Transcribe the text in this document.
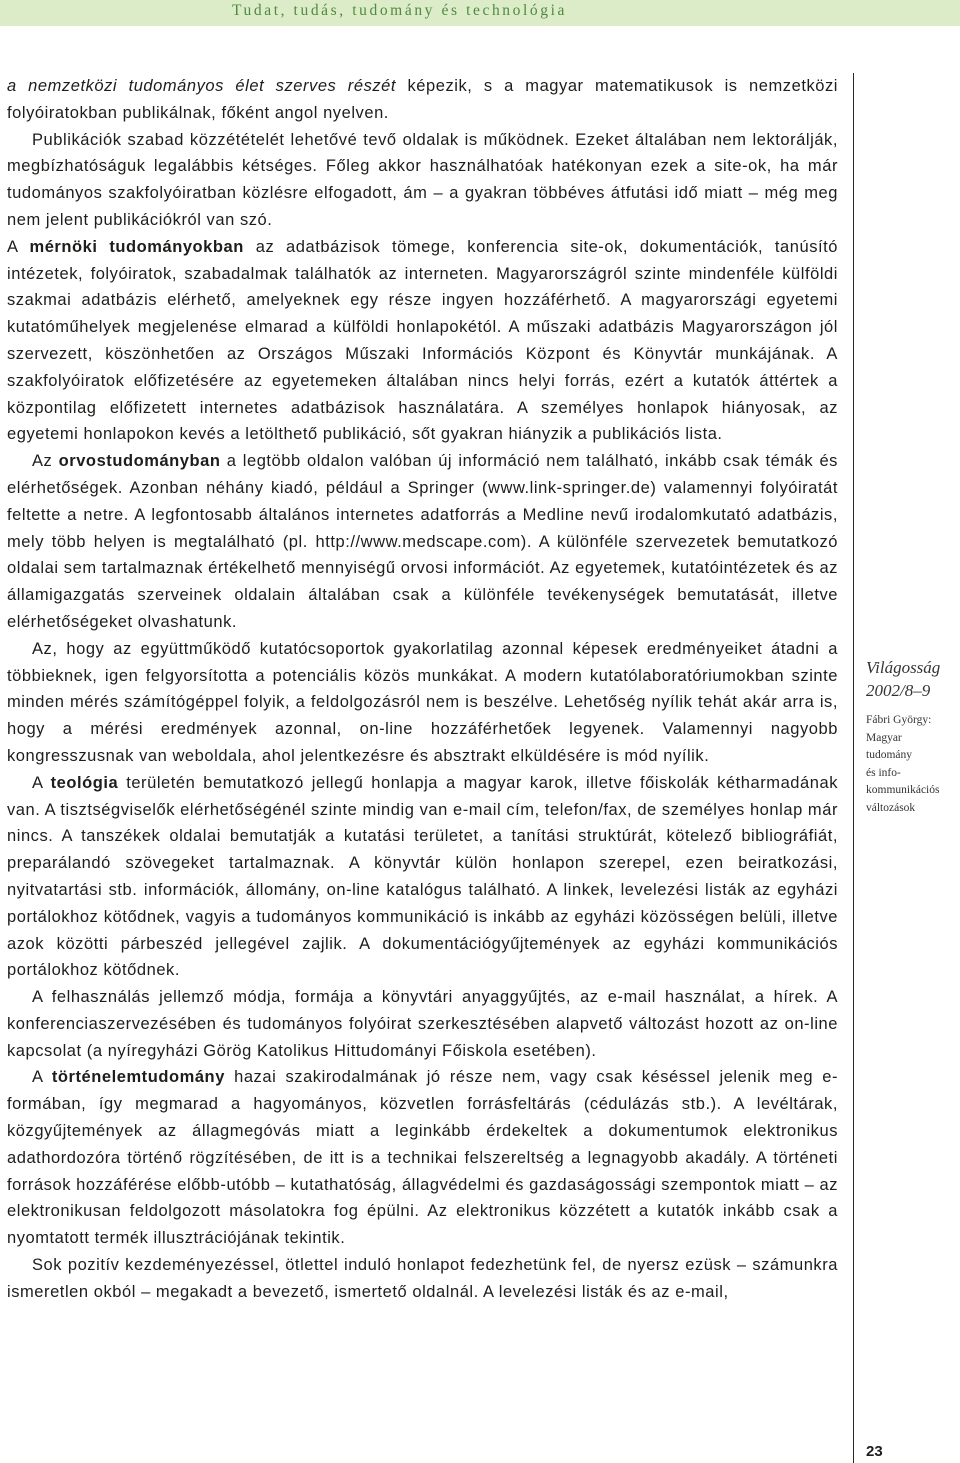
Tudat, tudás, tudomány és technológia

a nemzetközi tudományos élet szerves részét képezik, s a magyar matematikusok is nemzetközi folyóiratokban publikálnak, főként angol nyelven.

Publikációk szabad közzétételét lehetővé tevő oldalak is működnek. Ezeket általában nem lektorálják, megbízhatóságuk legalábbis kétséges. Főleg akkor használhatóak hatékonyan ezek a site-ok, ha már tudományos szakfolyóiratban közlésre elfogadott, ám – a gyakran többéves átfutási idő miatt – még meg nem jelent publikációkról van szó.

A mérnöki tudományokban az adatbázisok tömege, konferencia site-ok, dokumentációk, tanúsító intézetek, folyóiratok, szabadalmak találhatók az interneten. Magyarországról szinte mindenféle külföldi szakmai adatbázis elérhető, amelyeknek egy része ingyen hozzáférhető. A magyarországi egyetemi kutatóműhelyek megjelenése elmarad a külföldi honlapokétól. A műszaki adatbázis Magyarországon jól szervezett, köszönhetően az Országos Műszaki Információs Központ és Könyvtár munkájának. A szakfolyóiratok előfizetésére az egyetemeken általában nincs helyi forrás, ezért a kutatók áttértek a központilag előfizetett internetes adatbázisok használatára. A személyes honlapok hiányosak, az egyetemi honlapokon kevés a letölthető publikáció, sőt gyakran hiányzik a publikációs lista.

Az orvostudományban a legtöbb oldalon valóban új információ nem található, inkább csak témák és elérhetőségek. Azonban néhány kiadó, például a Springer (www.link-springer.de) valamennyi folyóiratát feltette a netre. A legfontosabb általános internetes adatforrás a Medline nevű irodalomkutató adatbázis, mely több helyen is megtalálható (pl. http://www.medscape.com). A különféle szervezetek bemutatkozó oldalai sem tartalmaznak értékelhető mennyiségű orvosi információt. Az egyetemek, kutatóintézetek és az államigazgatás szerveinek oldalain általában csak a különféle tevékenységek bemutatását, illetve elérhetőségeket olvashatunk.

Az, hogy az együttműködő kutatócsoportok gyakorlatilag azonnal képesek eredményeiket átadni a többieknek, igen felgyorsította a potenciális közös munkákat. A modern kutatólaboratóriumokban szinte minden mérés számítógéppel folyik, a feldolgozásról nem is beszélve. Lehetőség nyílik tehát akár arra is, hogy a mérési eredmények azonnal, on-line hozzáférhetőek legyenek. Valamennyi nagyobb kongresszusnak van weboldala, ahol jelentkezésre és absztrakt elküldésére is mód nyílik.

A teológia területén bemutatkozó jellegű honlapja a magyar karok, illetve főiskolák kétharmadának van. A tisztségviselők elérhetőségénél szinte mindig van e-mail cím, telefon/fax, de személyes honlap már nincs. A tanszékek oldalai bemutatják a kutatási területet, a tanítási struktúrát, kötelező bibliográfiát, preparálandó szövegeket tartalmaznak. A könyvtár külön honlapon szerepel, ezen beiratkozási, nyitvatartási stb. információk, állomány, on-line katalógus található. A linkek, levelezési listák az egyházi portálokhoz kötődnek, vagyis a tudományos kommunikáció is inkább az egyházi közösségen belüli, illetve azok közötti párbeszéd jellegével zajlik. A dokumentációgyűjtemények az egyházi kommunikációs portálokhoz kötődnek.

A felhasználás jellemző módja, formája a könyvtári anyaggyűjtés, az e-mail használat, a hírek. A konferenciaszervezésében és tudományos folyóirat szerkesztésében alapvető változást hozott az on-line kapcsolat (a nyíregyházi Görög Katolikus Hittudományi Főiskola esetében).

A történelemtudomány hazai szakirodalmának jó része nem, vagy csak késéssel jelenik meg e-formában, így megmarad a hagyományos, közvetlen forrásfeltárás (cédulázás stb.). A levéltárak, közgyűjtemények az állagmegóvás miatt a leginkább érdekeltek a dokumentumok elektronikus adathordozóra történő rögzítésében, de itt is a technikai felszereltség a legnagyobb akadály. A történeti források hozzáférése előbb-utóbb – kutathatóság, állagvédelmi és gazdaságossági szempontok miatt – az elektronikusan feldolgozott másolatokra fog épülni. Az elektronikus közzétett a kutatók inkább csak a nyomtatott termék illusztrációjának tekintik.

Sok pozitív kezdeményezéssel, ötlettel induló honlapot fedezhetünk fel, de nyersz ezüsk – számunkra ismeretlen okból – megakadt a bevezető, ismertető oldalnál. A levelezési listák és az e-mail,

Világosság
2002/8–9
Fábri György:
Magyar
tudomány
és info-
kommunikációs
változások
23
